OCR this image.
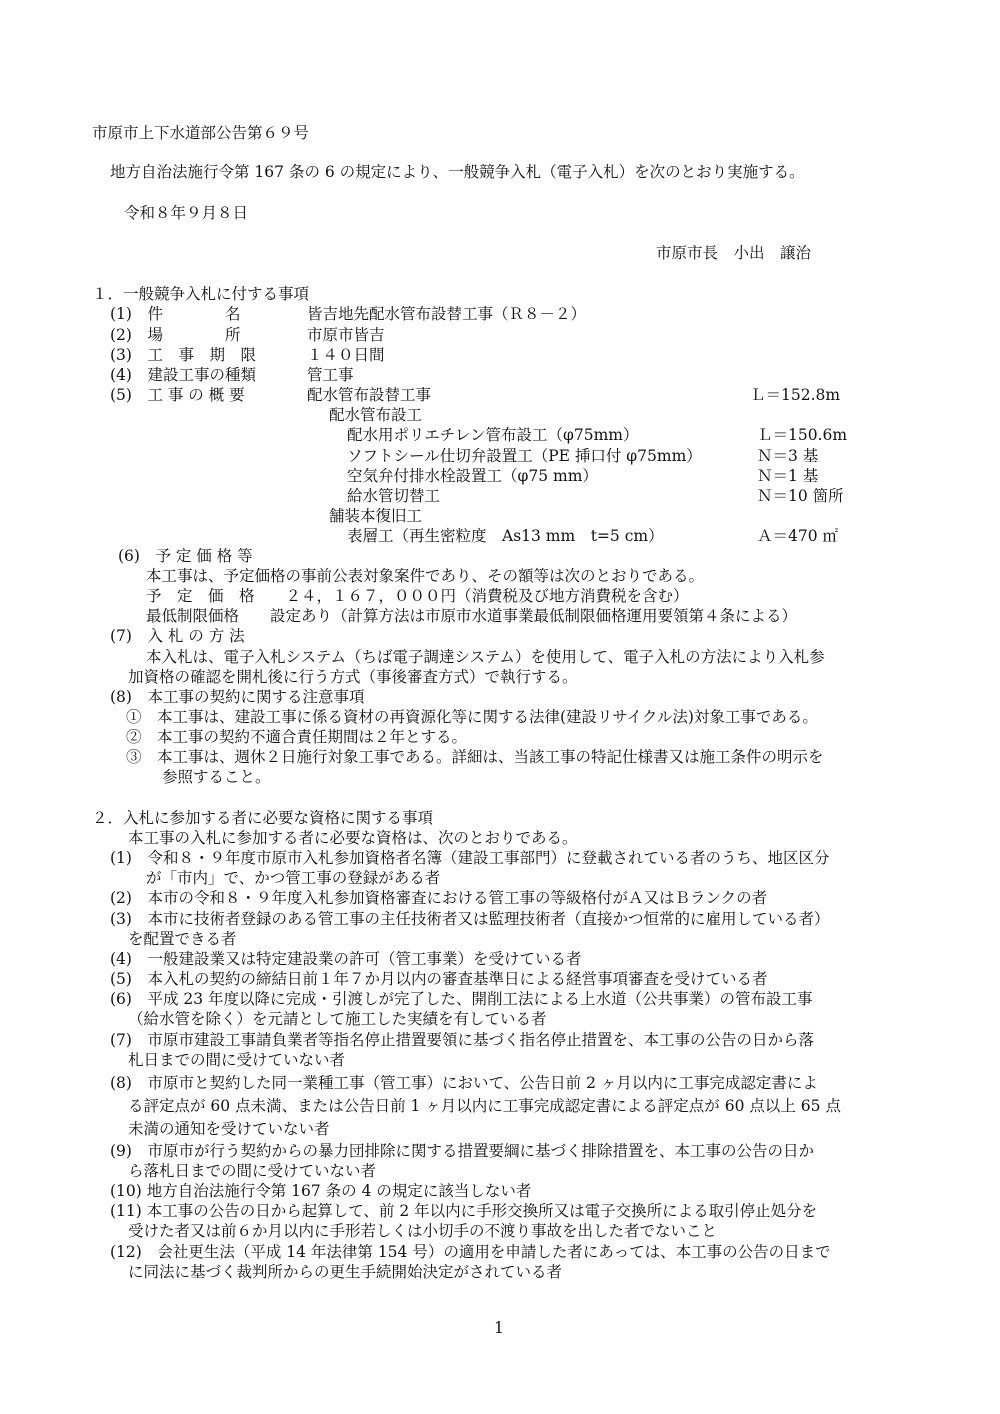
市原市上下水道部公告第６９号
地方自治法施行令第 167 条の 6 の規定により、一般競争入札（電子入札）を次のとおり実施する。
令和８年９月８日
市原市長　小出　譲治
１．一般競争入札に付する事項
(1)　件　　　　名	皆吉地先配水管布設替工事（Ｒ８－２）
(2)　場　　　　所	市原市皆吉
(3)　工　事　期　限	１４０日間
(4)　建設工事の種類	管工事
(5)　工 事 の 概 要	配水管布設替工事	Ｌ＝152.8m
配水管布設工
配水用ポリエチレン管布設工（φ75mm）	Ｌ＝150.6m
ソフトシール仕切弁設置工（PE 挿口付 φ75mm）	Ｎ＝3 基
空気弁付排水栓設置工（φ75 mm）	Ｎ＝1 基
給水管切替工	Ｎ＝10 箇所
舗装本復旧工
表層工（再生密粒度　As13 mm　t=5 cm）	Ａ＝470 ㎡
(6)　予 定 価 格 等
本工事は、予定価格の事前公表対象案件であり、その額等は次のとおりである。
予　定　価　格　　２４，１６７，０００円（消費税及び地方消費税を含む）
最低制限価格　　設定あり（計算方法は市原市水道事業最低制限価格運用要領第４条による）
(7)　入 札 の 方 法
本入札は、電子入札システム（ちば電子調達システム）を使用して、電子入札の方法により入札参
加資格の確認を開札後に行う方式（事後審査方式）で執行する。
(8)　本工事の契約に関する注意事項
①　本工事は、建設工事に係る資材の再資源化等に関する法律(建設リサイクル法)対象工事である。
②　本工事の契約不適合責任期間は２年とする。
③　本工事は、週休２日施行対象工事である。詳細は、当該工事の特記仕様書又は施工条件の明示を
参照すること。
２．入札に参加する者に必要な資格に関する事項
本工事の入札に参加する者に必要な資格は、次のとおりである。
(1)　令和８・９年度市原市入札参加資格者名簿（建設工事部門）に登載されている者のうち、地区区分
が「市内」で、かつ管工事の登録がある者
(2)　本市の令和８・９年度入札参加資格審査における管工事の等級格付がＡ又はＢランクの者
(3)　本市に技術者登録のある管工事の主任技術者又は監理技術者（直接かつ恒常的に雇用している者）
を配置できる者
(4)　一般建設業又は特定建設業の許可（管工事業）を受けている者
(5)　本入札の契約の締結日前１年７か月以内の審査基準日による経営事項審査を受けている者
(6)　平成 23 年度以降に完成・引渡しが完了した、開削工法による上水道（公共事業）の管布設工事
（給水管を除く）を元請として施工した実績を有している者
(7)　市原市建設工事請負業者等指名停止措置要領に基づく指名停止措置を、本工事の公告の日から落
札日までの間に受けていない者
(8)　市原市と契約した同一業種工事（管工事）において、公告日前 2 ヶ月以内に工事完成認定書によ
る評定点が 60 点未満、または公告日前 1 ヶ月以内に工事完成認定書による評定点が 60 点以上 65 点
未満の通知を受けていない者
(9)　市原市が行う契約からの暴力団排除に関する措置要綱に基づく排除措置を、本工事の公告の日か
ら落札日までの間に受けていない者
(10) 地方自治法施行令第 167 条の 4 の規定に該当しない者
(11) 本工事の公告の日から起算して、前 2 年以内に手形交換所又は電子交換所による取引停止処分を
受けた者又は前６か月以内に手形若しくは小切手の不渡り事故を出した者でないこと
(12)　会社更生法（平成 14 年法律第 154 号）の適用を申請した者にあっては、本工事の公告の日まで
に同法に基づく裁判所からの更生手続開始決定がされている者
1
